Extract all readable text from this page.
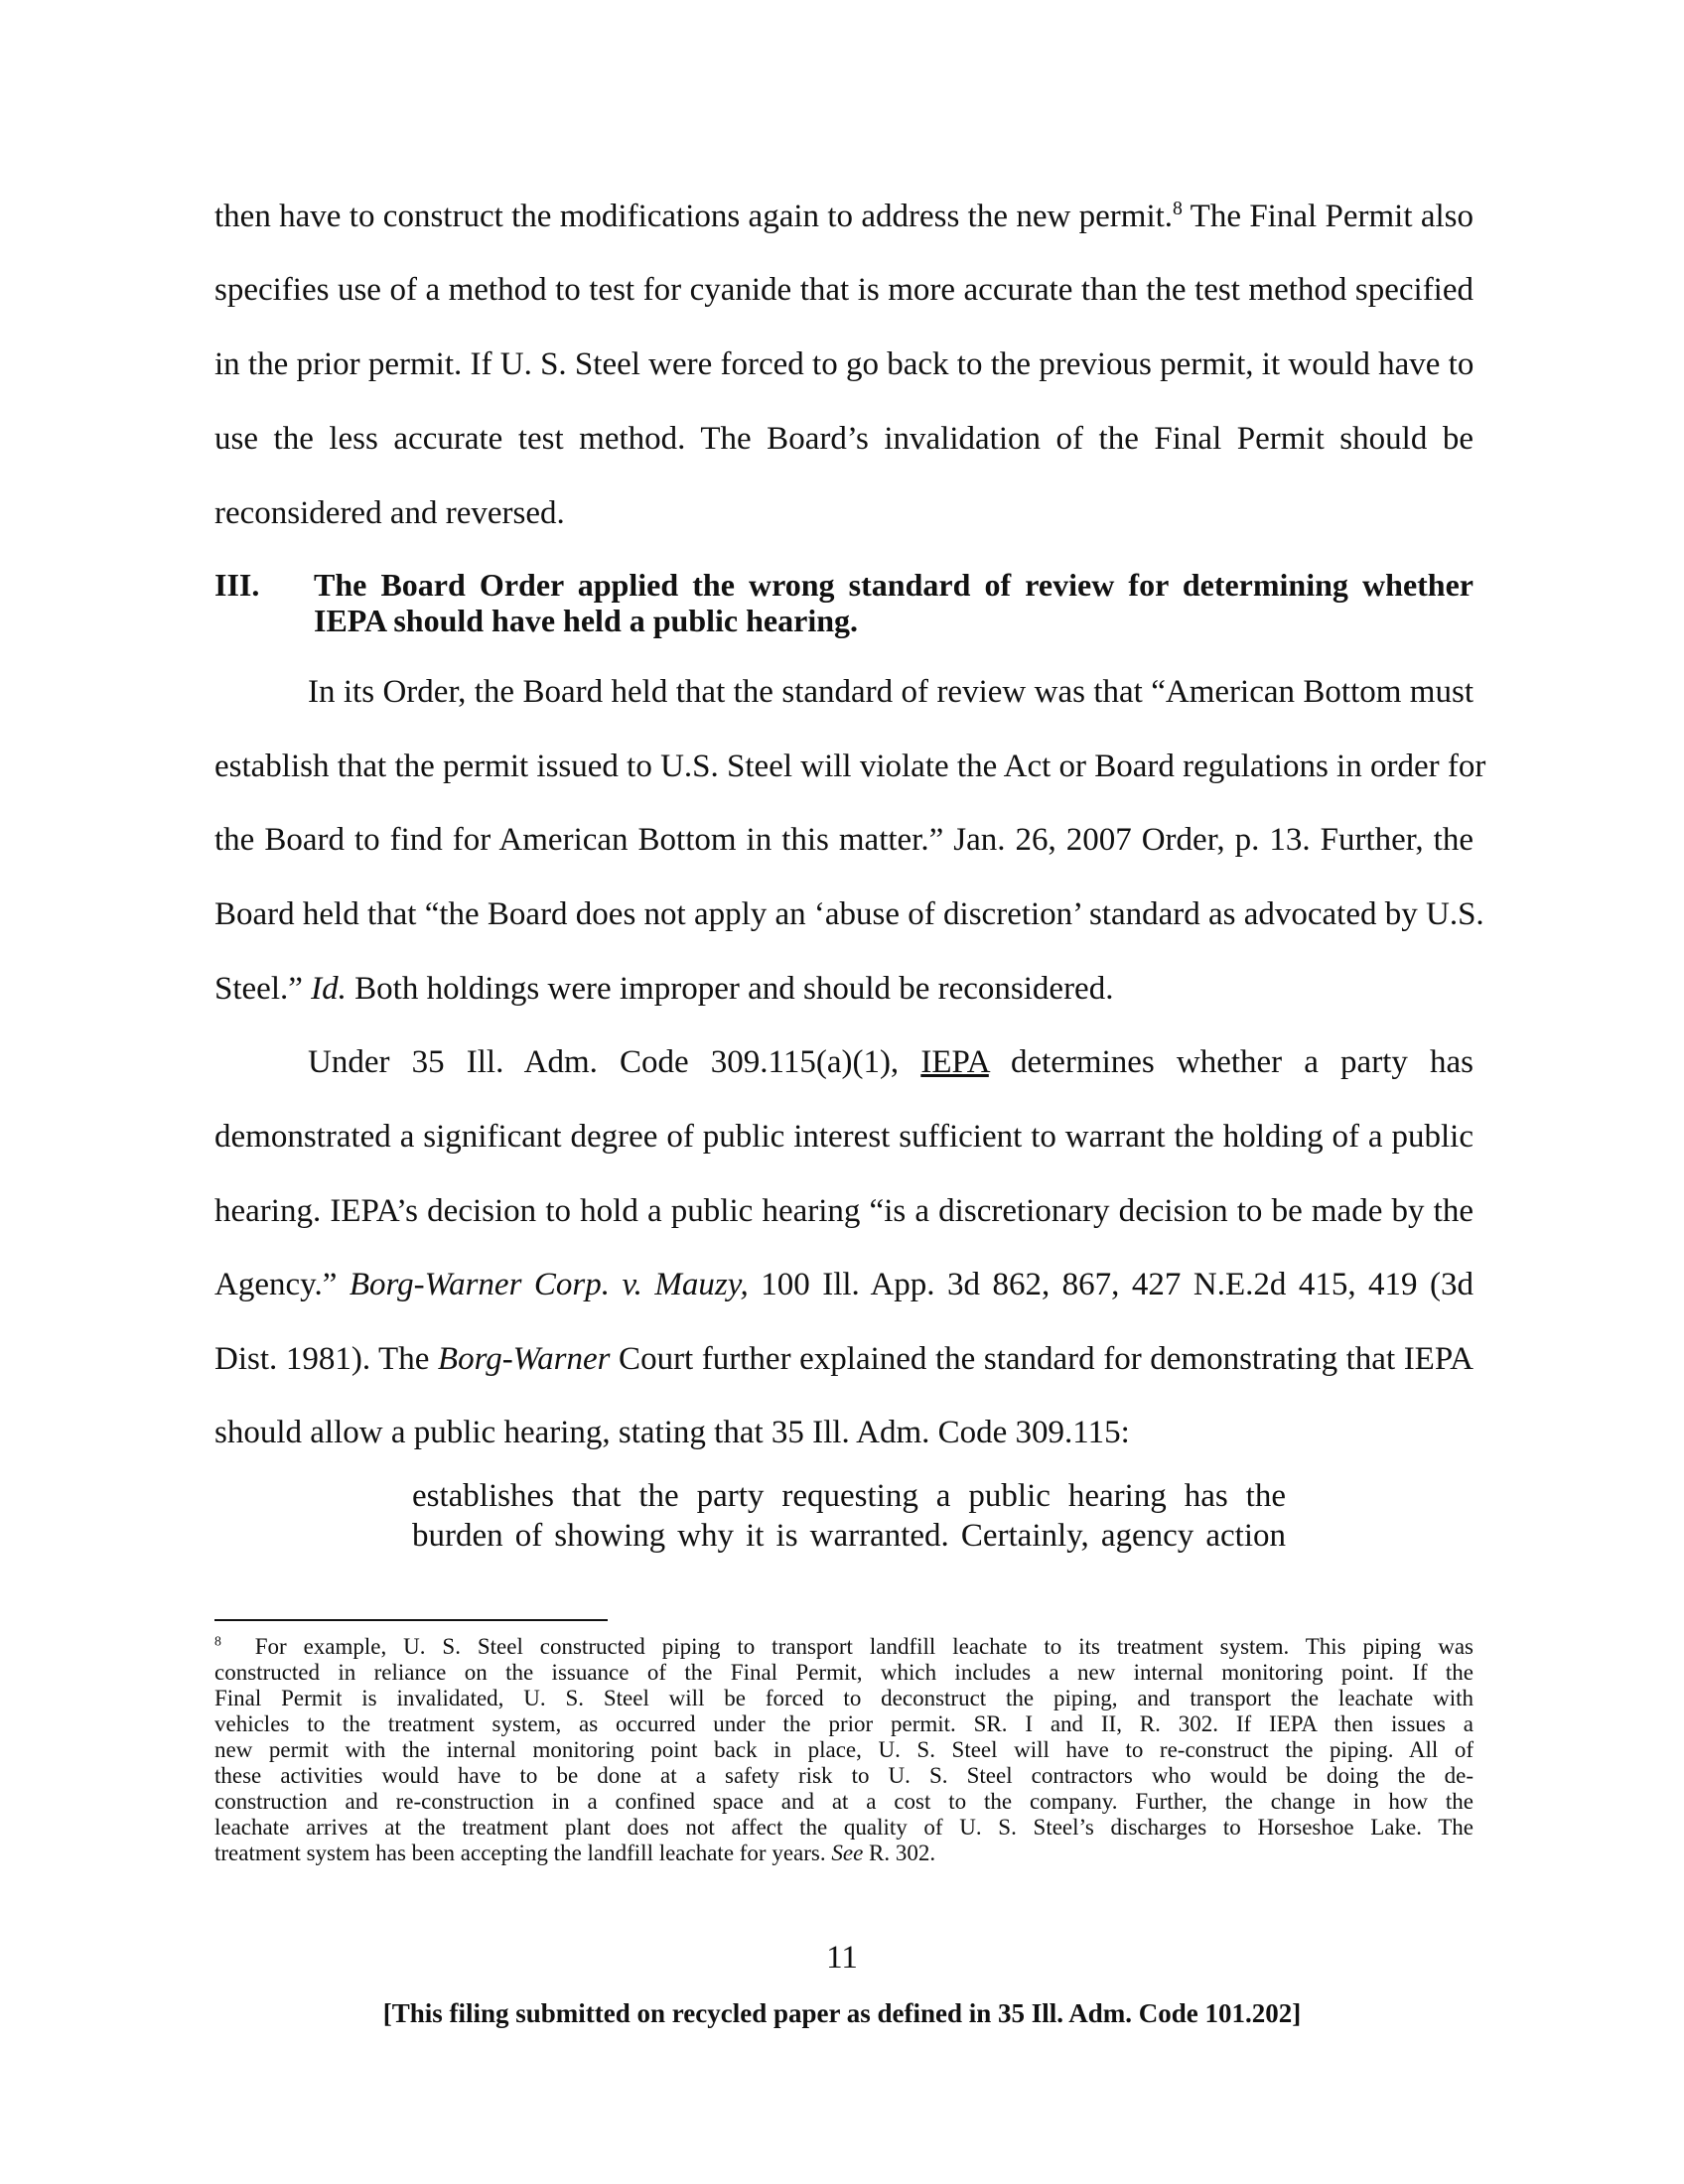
then have to construct the modifications again to address the new permit.$^8$ The Final Permit also
specifies use of a method to test for cyanide that is more accurate than the test method specified
in the prior permit. If U. S. Steel were forced to go back to the previous permit, it would have to
use the less accurate test method. The Board’s invalidation of the Final Permit should be
reconsidered and reversed.
III. The Board Order applied the wrong standard of review for determining whether
IEPA should have held a public hearing.
In its Order, the Board held that the standard of review was that “American Bottom must
establish that the permit issued to U.S. Steel will violate the Act or Board regulations in order for
the Board to find for American Bottom in this matter.” Jan. 26, 2007 Order, p. 13. Further, the
Board held that “the Board does not apply an ‘abuse of discretion’ standard as advocated by U.S.
Steel.” Id. Both holdings were improper and should be reconsidered.
Under 35 Ill. Adm. Code 309.115(a)(1), IEPA determines whether a party has
demonstrated a significant degree of public interest sufficient to warrant the holding of a public
hearing. IEPA’s decision to hold a public hearing “is a discretionary decision to be made by the
Agency.” Borg-Warner Corp. v. Mauzy, 100 Ill. App. 3d 862, 867, 427 N.E.2d 415, 419 (3d
Dist. 1981). The Borg-Warner Court further explained the standard for demonstrating that IEPA
should allow a public hearing, stating that 35 Ill. Adm. Code 309.115:
establishes that the party requesting a public hearing has the
burden of showing why it is warranted. Certainly, agency action
$^8$ For example, U. S. Steel constructed piping to transport landfill leachate to its treatment system. This piping was
constructed in reliance on the issuance of the Final Permit, which includes a new internal monitoring point. If the
Final Permit is invalidated, U. S. Steel will be forced to deconstruct the piping, and transport the leachate with
vehicles to the treatment system, as occurred under the prior permit. SR. I and II, R. 302. If IEPA then issues a
new permit with the internal monitoring point back in place, U. S. Steel will have to re-construct the piping. All of
these activities would have to be done at a safety risk to U. S. Steel contractors who would be doing the de-
construction and re-construction in a confined space and at a cost to the company. Further, the change in how the
leachate arrives at the treatment plant does not affect the quality of U. S. Steel’s discharges to Horseshoe Lake. The
treatment system has been accepting the landfill leachate for years. See R. 302.
11
[This filing submitted on recycled paper as defined in 35 Ill. Adm. Code 101.202]
